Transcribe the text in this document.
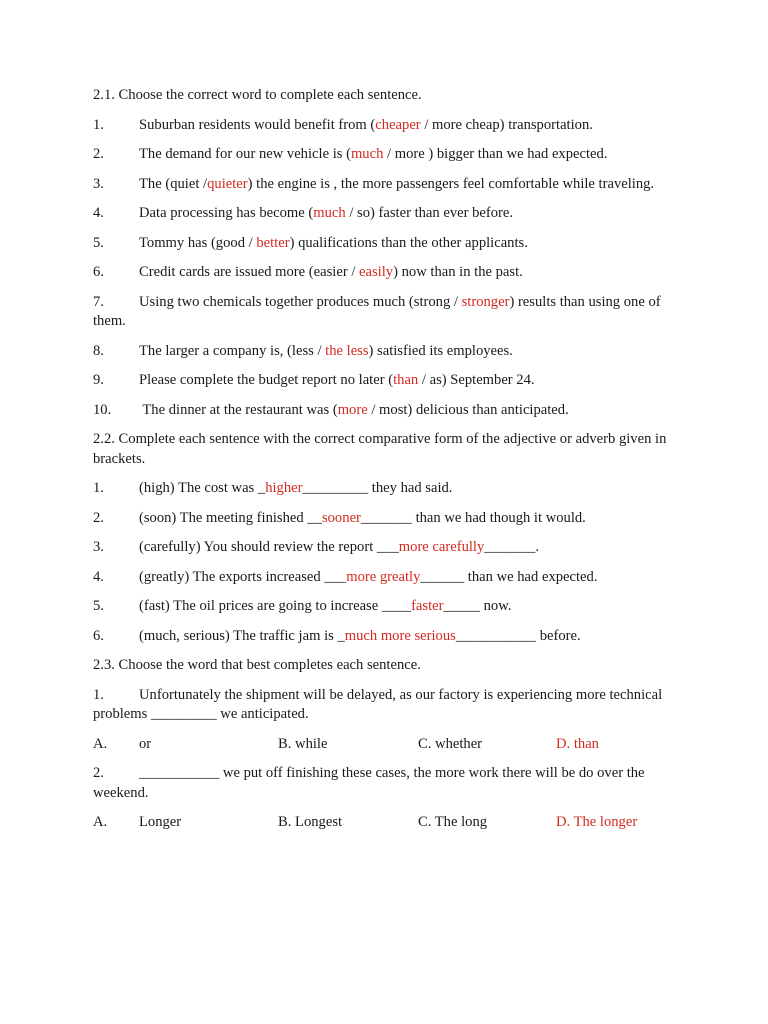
2.1. Choose the correct word to complete each sentence.
1. Suburban residents would benefit from (cheaper / more cheap) transportation.
2. The demand for our new vehicle is (much / more ) bigger than we had expected.
3. The (quiet /quieter) the engine is , the more passengers feel comfortable while traveling.
4. Data processing has become (much / so) faster than ever before.
5. Tommy has (good / better) qualifications than the other applicants.
6. Credit cards are issued more (easier / easily) now than in the past.
7. Using two chemicals together produces much (strong / stronger) results than using one of them.
8. The larger a company is, (less / the less) satisfied its employees.
9. Please complete the budget report no later (than / as) September 24.
10. The dinner at the restaurant was (more / most) delicious than anticipated.
2.2. Complete each sentence with the correct comparative form of the adjective or adverb given in brackets.
1. (high) The cost was _higher_________ they had said.
2. (soon) The meeting finished __sooner_______ than we had though it would.
3. (carefully) You should review the report ___more carefully_______.
4. (greatly) The exports increased ___more greatly______ than we had expected.
5. (fast) The oil prices are going to increase ____faster_____ now.
6. (much, serious) The traffic jam is _much more serious___________ before.
2.3. Choose the word that best completes each sentence.
1. Unfortunately the shipment will be delayed, as our factory is experiencing more technical problems _________ we anticipated.
A. or	B. while	C. whether	D. than
2. ___________ we put off finishing these cases, the more work there will be do over the weekend.
A. Longer	B. Longest	C. The long	D. The longer
